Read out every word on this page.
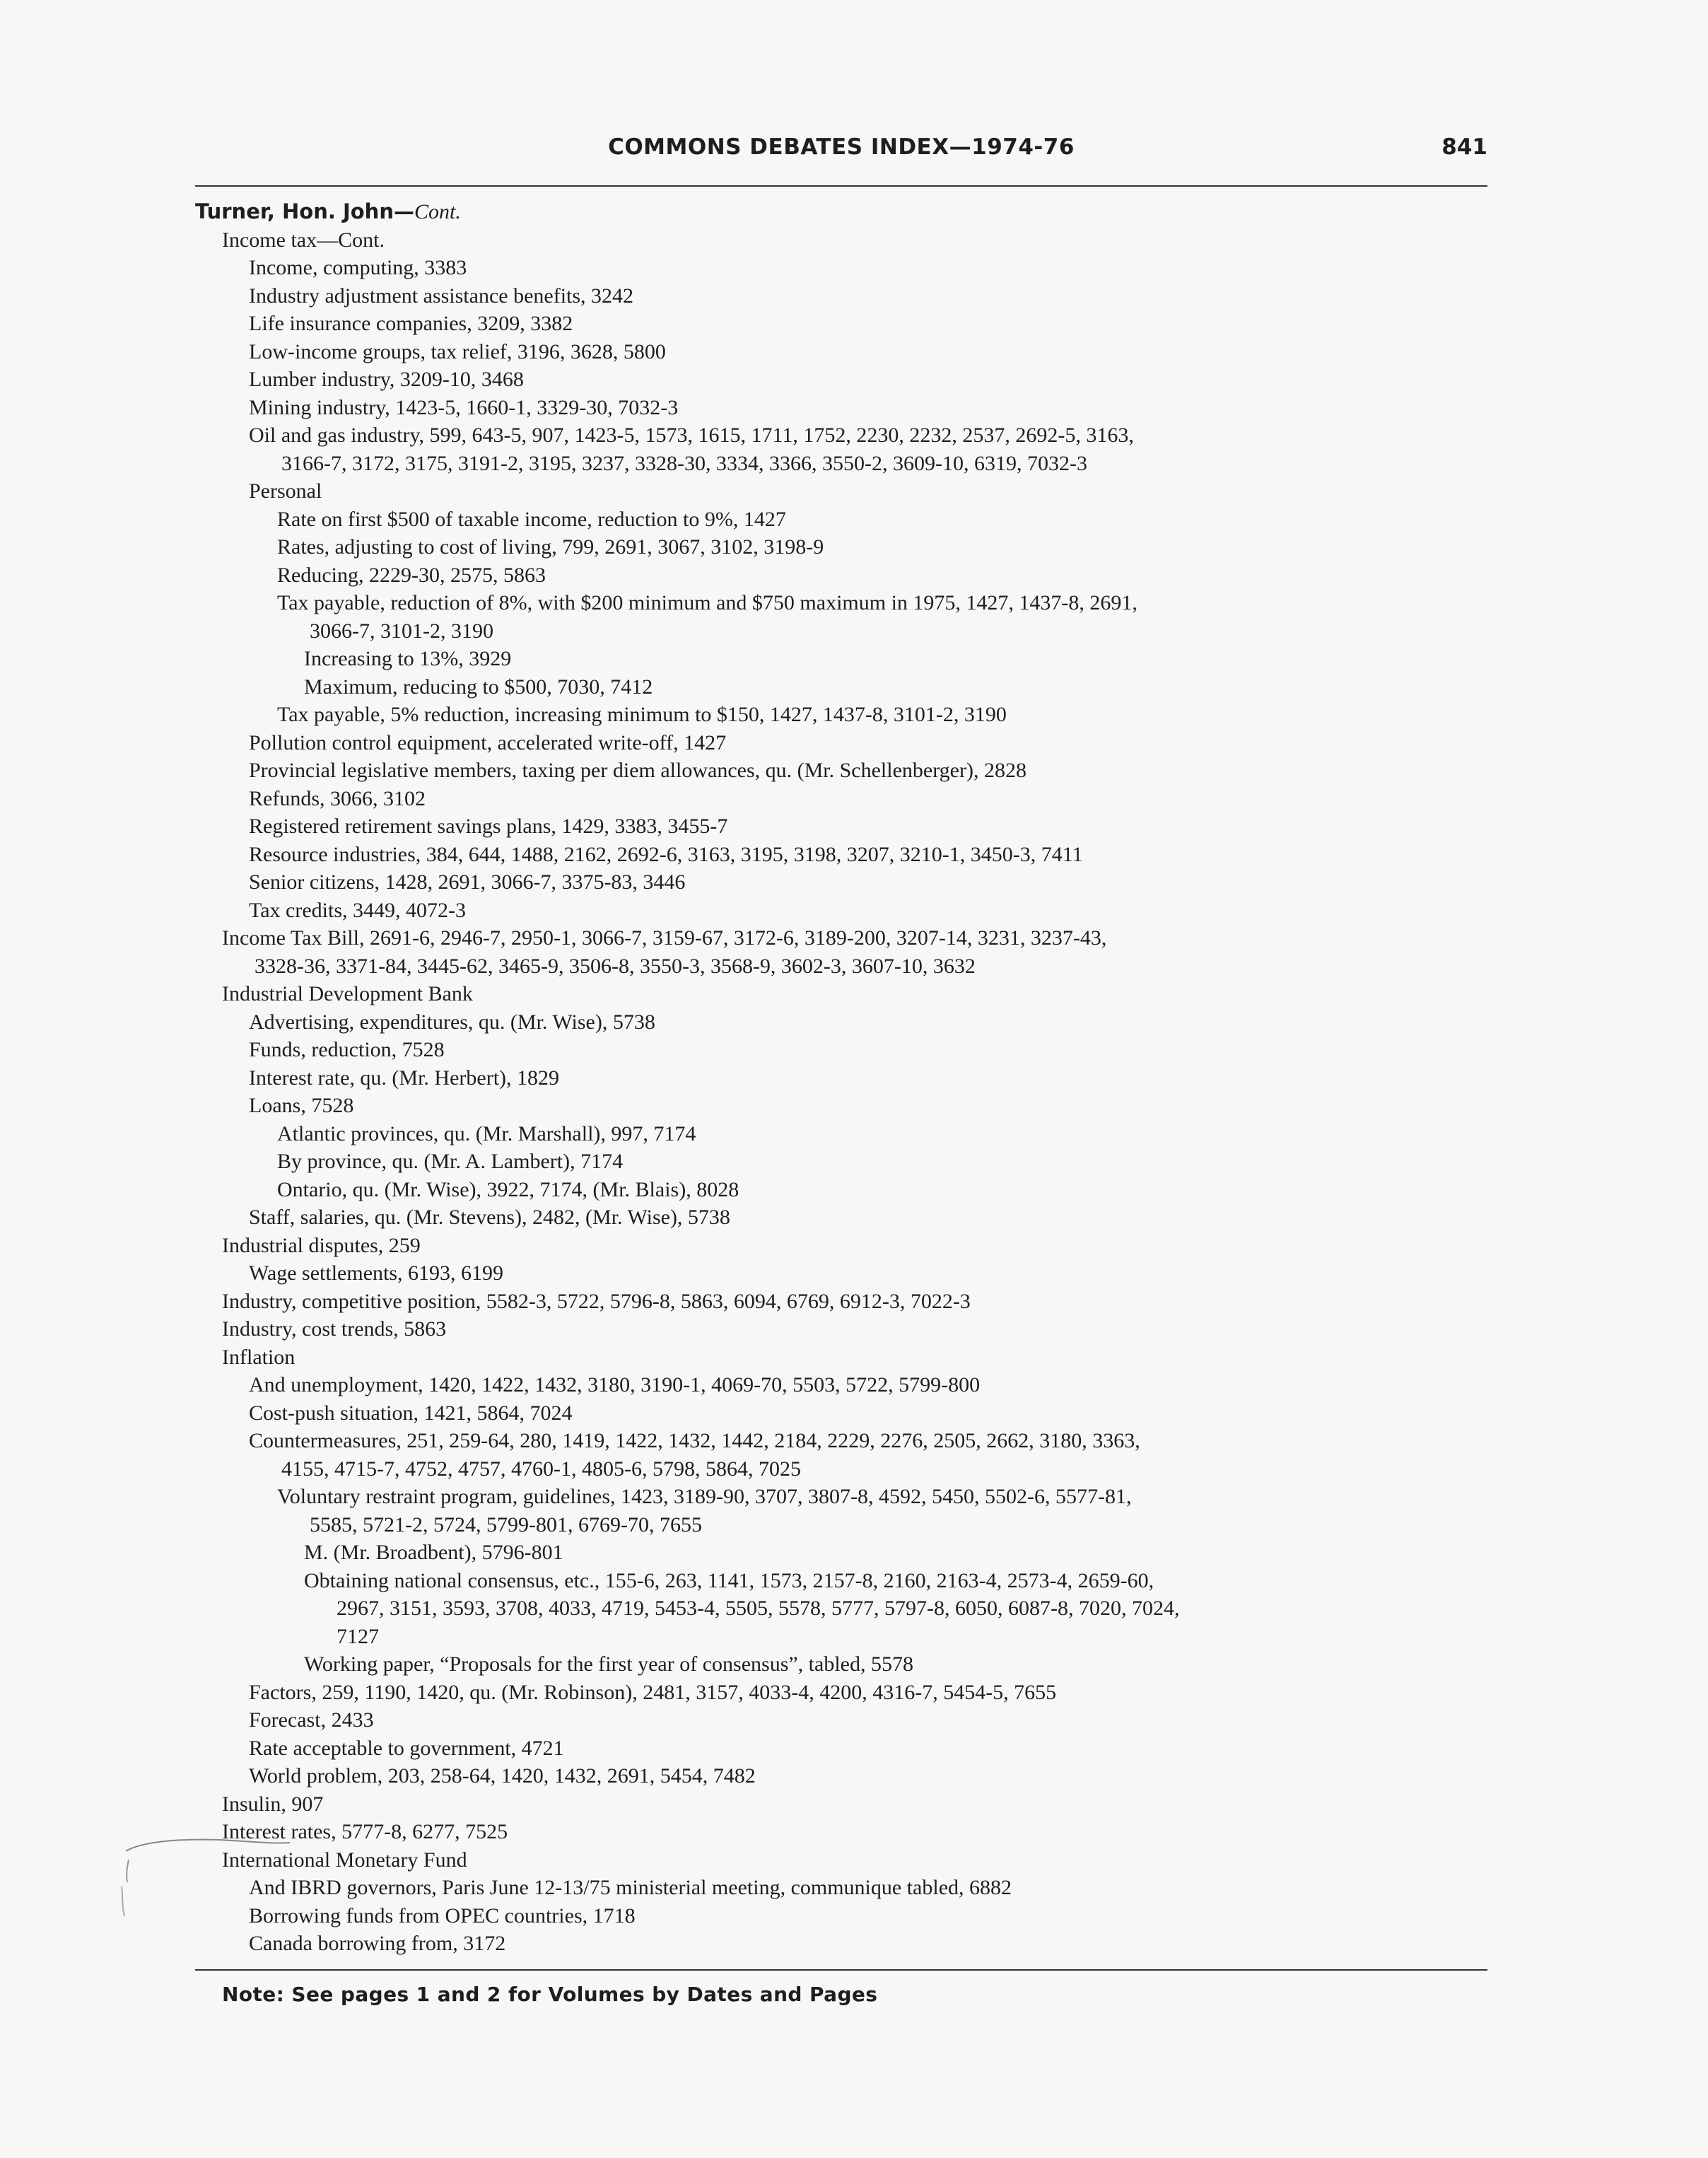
COMMONS DEBATES INDEX—1974-76	841
Turner, Hon. John—Cont.
Income tax—Cont.
Income, computing, 3383
Industry adjustment assistance benefits, 3242
Life insurance companies, 3209, 3382
Low-income groups, tax relief, 3196, 3628, 5800
Lumber industry, 3209-10, 3468
Mining industry, 1423-5, 1660-1, 3329-30, 7032-3
Oil and gas industry, 599, 643-5, 907, 1423-5, 1573, 1615, 1711, 1752, 2230, 2232, 2537, 2692-5, 3163,
3166-7, 3172, 3175, 3191-2, 3195, 3237, 3328-30, 3334, 3366, 3550-2, 3609-10, 6319, 7032-3
Personal
Rate on first $500 of taxable income, reduction to 9%, 1427
Rates, adjusting to cost of living, 799, 2691, 3067, 3102, 3198-9
Reducing, 2229-30, 2575, 5863
Tax payable, reduction of 8%, with $200 minimum and $750 maximum in 1975, 1427, 1437-8, 2691,
3066-7, 3101-2, 3190
Increasing to 13%, 3929
Maximum, reducing to $500, 7030, 7412
Tax payable, 5% reduction, increasing minimum to $150, 1427, 1437-8, 3101-2, 3190
Pollution control equipment, accelerated write-off, 1427
Provincial legislative members, taxing per diem allowances, qu. (Mr. Schellenberger), 2828
Refunds, 3066, 3102
Registered retirement savings plans, 1429, 3383, 3455-7
Resource industries, 384, 644, 1488, 2162, 2692-6, 3163, 3195, 3198, 3207, 3210-1, 3450-3, 7411
Senior citizens, 1428, 2691, 3066-7, 3375-83, 3446
Tax credits, 3449, 4072-3
Income Tax Bill, 2691-6, 2946-7, 2950-1, 3066-7, 3159-67, 3172-6, 3189-200, 3207-14, 3231, 3237-43,
3328-36, 3371-84, 3445-62, 3465-9, 3506-8, 3550-3, 3568-9, 3602-3, 3607-10, 3632
Industrial Development Bank
Advertising, expenditures, qu. (Mr. Wise), 5738
Funds, reduction, 7528
Interest rate, qu. (Mr. Herbert), 1829
Loans, 7528
Atlantic provinces, qu. (Mr. Marshall), 997, 7174
By province, qu. (Mr. A. Lambert), 7174
Ontario, qu. (Mr. Wise), 3922, 7174, (Mr. Blais), 8028
Staff, salaries, qu. (Mr. Stevens), 2482, (Mr. Wise), 5738
Industrial disputes, 259
Wage settlements, 6193, 6199
Industry, competitive position, 5582-3, 5722, 5796-8, 5863, 6094, 6769, 6912-3, 7022-3
Industry, cost trends, 5863
Inflation
And unemployment, 1420, 1422, 1432, 3180, 3190-1, 4069-70, 5503, 5722, 5799-800
Cost-push situation, 1421, 5864, 7024
Countermeasures, 251, 259-64, 280, 1419, 1422, 1432, 1442, 2184, 2229, 2276, 2505, 2662, 3180, 3363,
4155, 4715-7, 4752, 4757, 4760-1, 4805-6, 5798, 5864, 7025
Voluntary restraint program, guidelines, 1423, 3189-90, 3707, 3807-8, 4592, 5450, 5502-6, 5577-81,
5585, 5721-2, 5724, 5799-801, 6769-70, 7655
M. (Mr. Broadbent), 5796-801
Obtaining national consensus, etc., 155-6, 263, 1141, 1573, 2157-8, 2160, 2163-4, 2573-4, 2659-60,
2967, 3151, 3593, 3708, 4033, 4719, 5453-4, 5505, 5578, 5777, 5797-8, 6050, 6087-8, 7020, 7024,
7127
Working paper, “Proposals for the first year of consensus”, tabled, 5578
Factors, 259, 1190, 1420, qu. (Mr. Robinson), 2481, 3157, 4033-4, 4200, 4316-7, 5454-5, 7655
Forecast, 2433
Rate acceptable to government, 4721
World problem, 203, 258-64, 1420, 1432, 2691, 5454, 7482
Insulin, 907
Interest rates, 5777-8, 6277, 7525
International Monetary Fund
And IBRD governors, Paris June 12-13/75 ministerial meeting, communique tabled, 6882
Borrowing funds from OPEC countries, 1718
Canada borrowing from, 3172
Note: See pages 1 and 2 for Volumes by Dates and Pages
